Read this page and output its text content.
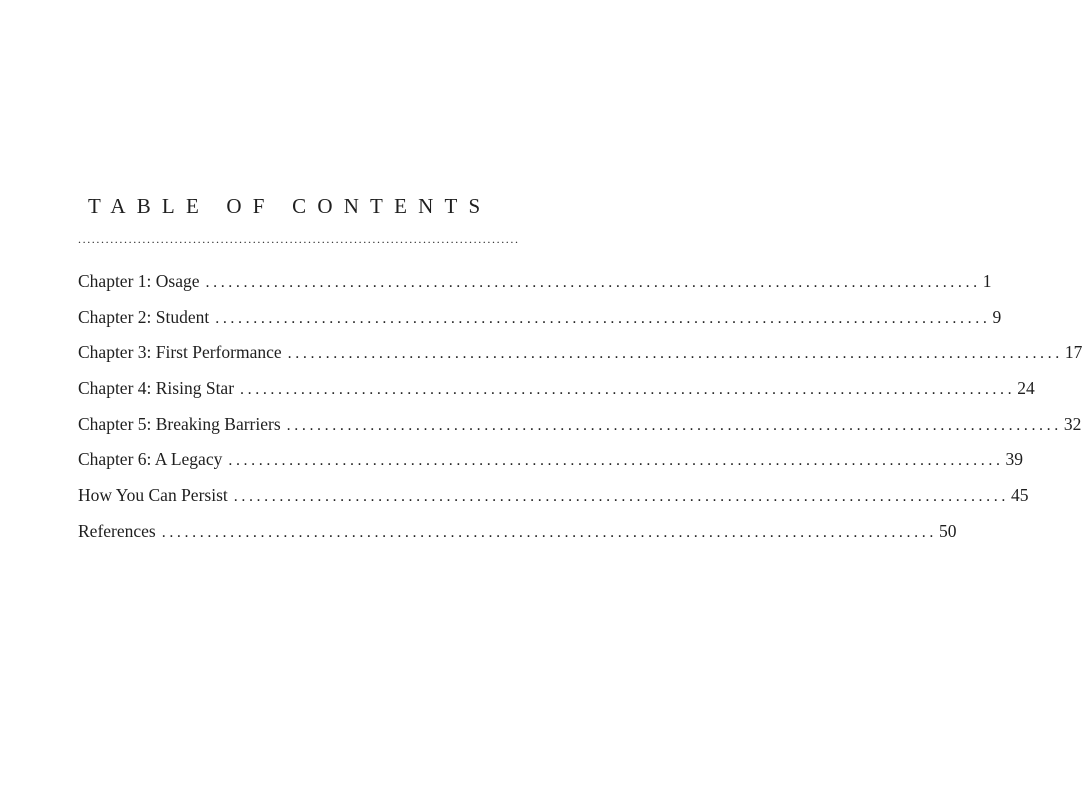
TABLE OF CONTENTS
................................................................................................
Chapter 1: Osage ...................................................................................................... 1
Chapter 2: Student ...................................................................................................... 9
Chapter 3: First Performance ...................................................................................................... 17
Chapter 4: Rising Star ...................................................................................................... 24
Chapter 5: Breaking Barriers ...................................................................................................... 32
Chapter 6: A Legacy ...................................................................................................... 39
How You Can Persist ...................................................................................................... 45
References ...................................................................................................... 50
